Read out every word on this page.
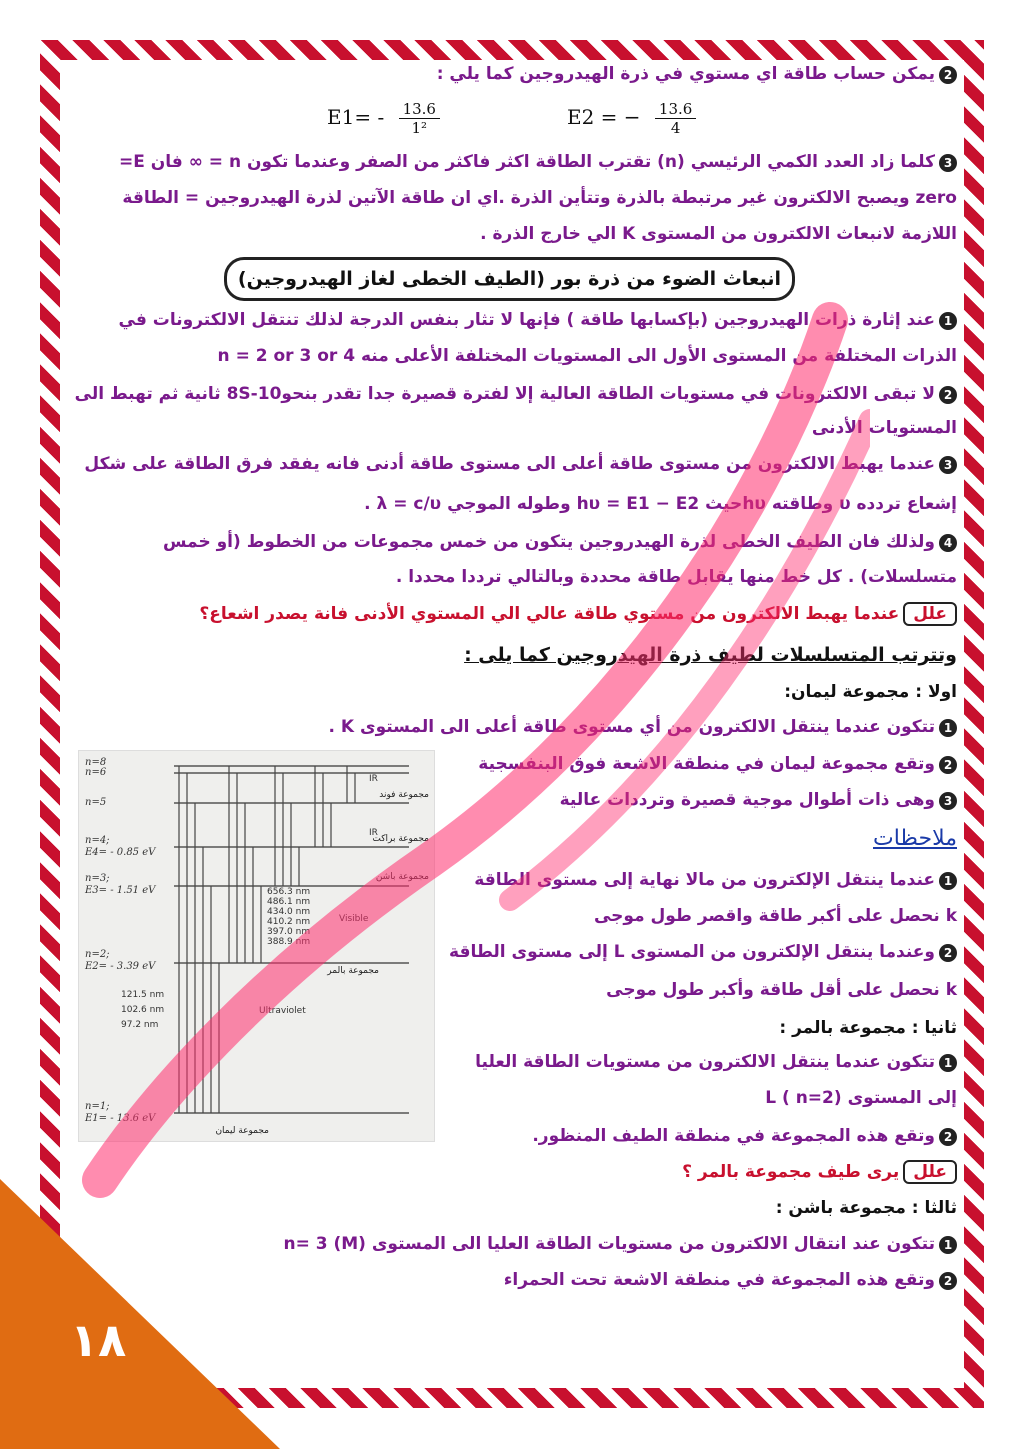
١٨
2يمكن حساب طاقة اي مستوي في ذرة الهيدروجين كما يلي :
$E1= - \frac{13.6}{\text{1²}}$	E2 = − $\frac{13.6}{4}$
3كلما زاد العدد الكمي الرئيسي (n) تقترب الطاقة اكثر فاكثر من الصفر وعندما تكون n = ∞ فان E=
zero ويصبح الالكترون غير مرتبطة بالذرة وتتأين الذرة .اي ان طاقة الآتين لذرة الهيدروجين = الطاقة
اللازمة لانبعاث الالكترون من المستوى K الي خارج الذرة .
انبعاث الضوء من ذرة بور (الطيف الخطى لغاز الهيدروجين)
1عند إثارة ذرات الهيدروجين (بإكسابها طاقة ) فإنها لا تثار بنفس الدرجة لذلك تنتقل الالكترونات في
الذرات المختلفة من المستوى الأول الى المستويات المختلفة الأعلى منه n = 2 or 3 or 4
2لا تبقى الالكترونات في مستويات الطاقة العالية إلا لفترة قصيرة جدا تقدر بنحو10-8S ثانية ثم تهبط الى
المستويات الأدنى
3عندما يهبط الالكترون من مستوى طاقة أعلى الى مستوى طاقة أدنى فانه يفقد فرق الطاقة على شكل
إشعاع تردده υ وطاقته hυحيث hυ = E1 − E2 وطوله الموجي λ = c/υ .
4ولذلك فان الطيف الخطى لذرة الهيدروجين يتكون من خمس مجموعات من الخطوط (أو خمس
متسلسلات) . كل خط منها يقابل طاقة محددة وبالتالي ترددا محددا .
عللعندما يهبط الالكترون من مستوي طاقة عالي الي المستوي الأدنى فانة يصدر اشعاع؟
وتترتب المتسلسلات لطيف ذرة الهيدروجين كما يلى :
اولا : مجموعة ليمان:
1تتكون عندما ينتقل الالكترون من أي مستوى طاقة أعلى الى المستوى K .
2وتقع مجموعة ليمان في منطقة الاشعة فوق البنفسجية
3وهى ذات أطوال موجية قصيرة وترددات عالية
ملاحظات
1عندما ينتقل الإلكترون من مالا نهاية إلى مستوى الطاقة
k نحصل على أكبر طاقة واقصر طول موجى
2وعندما ينتقل الإلكترون من المستوى L إلى مستوى الطاقة
k نحصل على أقل طاقة وأكبر طول موجى
ثانيا : مجموعة بالمر :
1تتكون عندما ينتقل الالكترون من مستويات الطاقة العليا
إلى المستوى L ( n=2)
2وتقع هذه المجموعة في منطقة الطيف المنظور.
علليرى طيف مجموعة بالمر ؟
ثالثا : مجموعة باشن :
1تتكون عند انتقال الالكترون من مستويات الطاقة العليا الى المستوى n= 3 (M)
2وتقع هذه المجموعة في منطقة الاشعة تحت الحمراء
n=8
n=6
n=5
n=4;
E4= - 0.85 eV
n=3;
E3= - 1.51 eV
n=2;
E2= - 3.39 eV
n=1;
E1= - 13.6 eV
656.3 nm
486.1 nm
434.0 nm
410.2 nm
397.0 nm
388.9 nm
121.5 nm
102.6 nm
97.2 nm
IR
IR
Visible
Ultraviolet
مجموعة فوند
مجموعة براكت
مجموعة باشن
مجموعة بالمر
مجموعة ليمان
